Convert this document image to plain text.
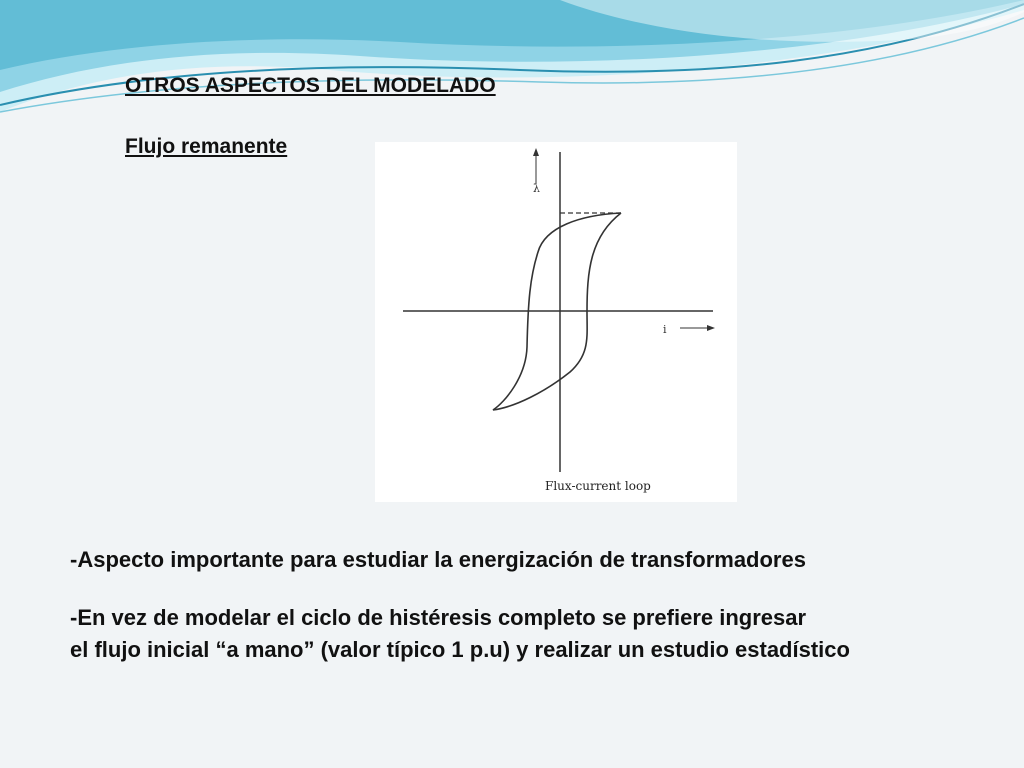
OTROS ASPECTOS DEL MODELADO

Flujo remanente

λ
i
Flux-current loop

-Aspecto importante para estudiar la energización de transformadores

-En vez de modelar el ciclo de histéresis completo se prefiere ingresar
el flujo inicial “a mano” (valor típico 1 p.u) y realizar un estudio estadístico
